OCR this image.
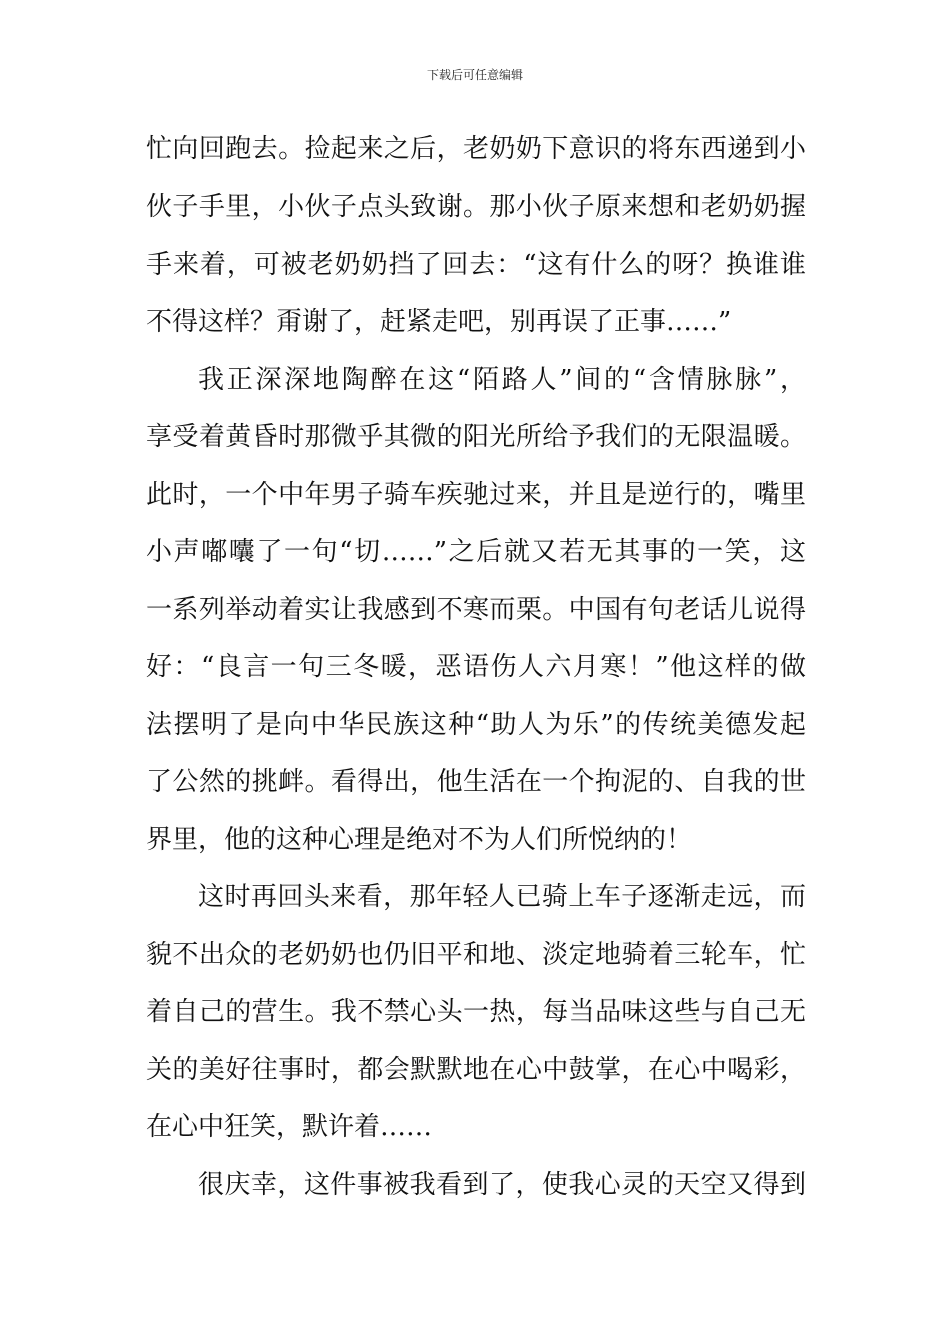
下载后可任意编辑
忙向回跑去。捡起来之后，老奶奶下意识的将东西递到小
伙子手里，小伙子点头致谢。那小伙子原来想和老奶奶握
手来着，可被老奶奶挡了回去：“这有什么的呀？换谁谁
不得这样？甭谢了，赶紧走吧，别再误了正事……”
我正深深地陶醉在这“陌路人”间的“含情脉脉”，
享受着黄昏时那微乎其微的阳光所给予我们的无限温暖。
此时，一个中年男子骑车疾驰过来，并且是逆行的，嘴里
小声嘟囔了一句“切……”之后就又若无其事的一笑，这
一系列举动着实让我感到不寒而栗。中国有句老话儿说得
好：“良言一句三冬暖，恶语伤人六月寒！”他这样的做
法摆明了是向中华民族这种“助人为乐”的传统美德发起
了公然的挑衅。看得出，他生活在一个拘泥的、自我的世
界里，他的这种心理是绝对不为人们所悦纳的！
这时再回头来看，那年轻人已骑上车子逐渐走远，而
貌不出众的老奶奶也仍旧平和地、淡定地骑着三轮车，忙
着自己的营生。我不禁心头一热，每当品味这些与自己无
关的美好往事时，都会默默地在心中鼓掌，在心中喝彩，
在心中狂笑，默许着……
很庆幸，这件事被我看到了，使我心灵的天空又得到
